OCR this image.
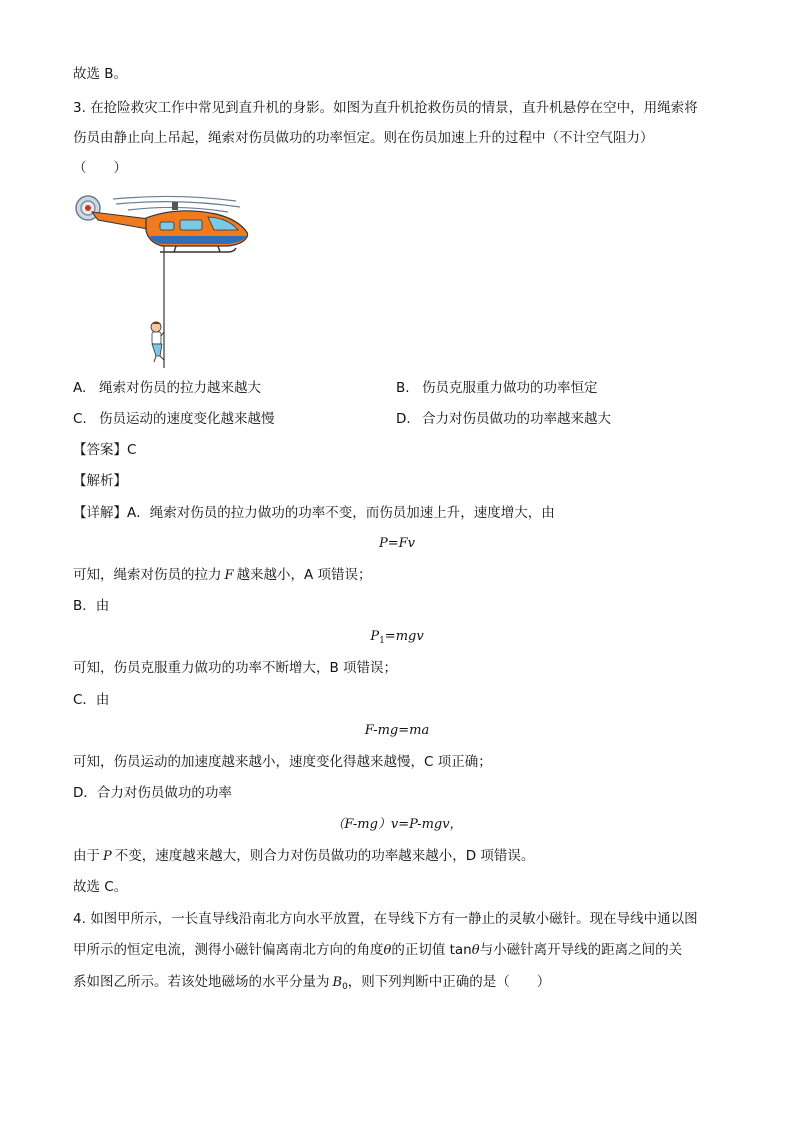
故选 B。
3. 在抢险救灾工作中常见到直升机的身影。如图为直升机抢救伤员的情景，直升机悬停在空中，用绳索将
伤员由静止向上吊起，绳索对伤员做功的功率恒定。则在伤员加速上升的过程中（不计空气阻力）
（　　）
A. 绳索对伤员的拉力越来越大	B. 伤员克服重力做功的功率恒定
C. 伤员运动的速度变化越来越慢	D. 合力对伤员做功的功率越来越大
【答案】C
【解析】
【详解】A．绳索对伤员的拉力做功的功率不变，而伤员加速上升，速度增大，由
P=Fv
可知，绳索对伤员的拉力 F 越来越小，A 项错误；
B．由
$P_1=mgv$
可知，伤员克服重力做功的功率不断增大，B 项错误；
C．由
F-mg=ma
可知，伤员运动的加速度越来越小，速度变化得越来越慢，C 项正确；
D．合力对伤员做功的功率
（F-mg）v=P-mgv，
由于 P 不变，速度越来越大，则合力对伤员做功的功率越来越小，D 项错误。
故选 C。
4. 如图甲所示，一长直导线沿南北方向水平放置，在导线下方有一静止的灵敏小磁针。现在导线中通以图
甲所示的恒定电流，测得小磁针偏离南北方向的角度θ的正切值 tanθ与小磁针离开导线的距离之间的关
系如图乙所示。若该处地磁场的水平分量为 $B_0$，则下列判断中正确的是（　　）
